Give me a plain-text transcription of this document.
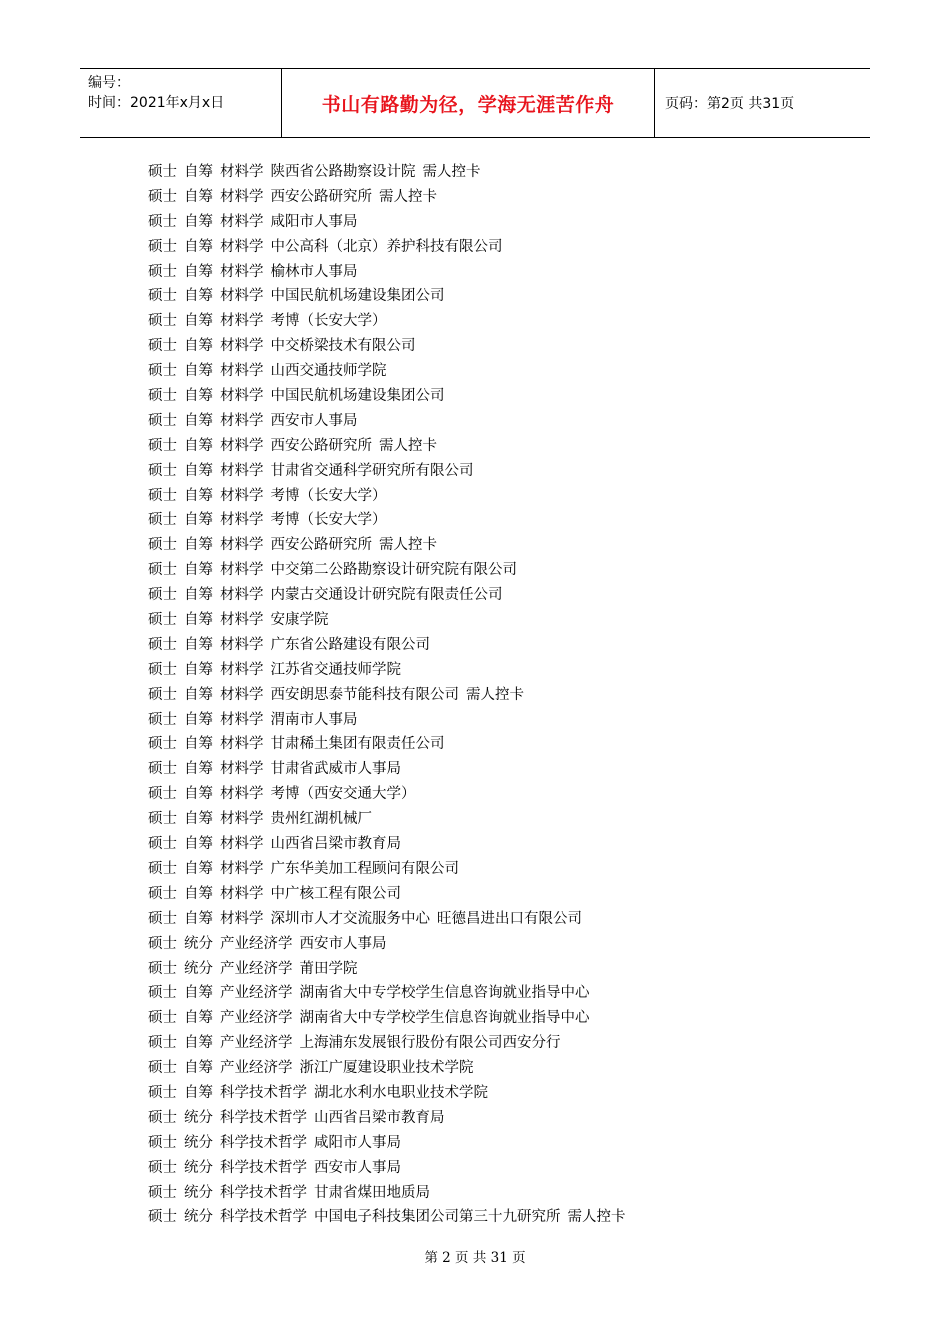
编号：
时间：2021年x月x日	书山有路勤为径，学海无涯苦作舟	页码：第2页 共31页
硕士 自筹 材料学 陕西省公路勘察设计院 需人控卡
硕士 自筹 材料学 西安公路研究所 需人控卡
硕士 自筹 材料学 咸阳市人事局
硕士 自筹 材料学 中公高科（北京）养护科技有限公司
硕士 自筹 材料学 榆林市人事局
硕士 自筹 材料学 中国民航机场建设集团公司
硕士 自筹 材料学 考博（长安大学）
硕士 自筹 材料学 中交桥梁技术有限公司
硕士 自筹 材料学 山西交通技师学院
硕士 自筹 材料学 中国民航机场建设集团公司
硕士 自筹 材料学 西安市人事局
硕士 自筹 材料学 西安公路研究所 需人控卡
硕士 自筹 材料学 甘肃省交通科学研究所有限公司
硕士 自筹 材料学 考博（长安大学）
硕士 自筹 材料学 考博（长安大学）
硕士 自筹 材料学 西安公路研究所 需人控卡
硕士 自筹 材料学 中交第二公路勘察设计研究院有限公司
硕士 自筹 材料学 内蒙古交通设计研究院有限责任公司
硕士 自筹 材料学 安康学院
硕士 自筹 材料学 广东省公路建设有限公司
硕士 自筹 材料学 江苏省交通技师学院
硕士 自筹 材料学 西安朗思泰节能科技有限公司 需人控卡
硕士 自筹 材料学 渭南市人事局
硕士 自筹 材料学 甘肃稀土集团有限责任公司
硕士 自筹 材料学 甘肃省武威市人事局
硕士 自筹 材料学 考博（西安交通大学）
硕士 自筹 材料学 贵州红湖机械厂
硕士 自筹 材料学 山西省吕梁市教育局
硕士 自筹 材料学 广东华美加工程顾问有限公司
硕士 自筹 材料学 中广核工程有限公司
硕士 自筹 材料学 深圳市人才交流服务中心 旺德昌进出口有限公司
硕士 统分 产业经济学 西安市人事局
硕士 统分 产业经济学 莆田学院
硕士 自筹 产业经济学 湖南省大中专学校学生信息咨询就业指导中心
硕士 自筹 产业经济学 湖南省大中专学校学生信息咨询就业指导中心
硕士 自筹 产业经济学 上海浦东发展银行股份有限公司西安分行
硕士 自筹 产业经济学 浙江广厦建设职业技术学院
硕士 自筹 科学技术哲学 湖北水利水电职业技术学院
硕士 统分 科学技术哲学 山西省吕梁市教育局
硕士 统分 科学技术哲学 咸阳市人事局
硕士 统分 科学技术哲学 西安市人事局
硕士 统分 科学技术哲学 甘肃省煤田地质局
硕士 统分 科学技术哲学 中国电子科技集团公司第三十九研究所 需人控卡
第 2 页 共 31 页
